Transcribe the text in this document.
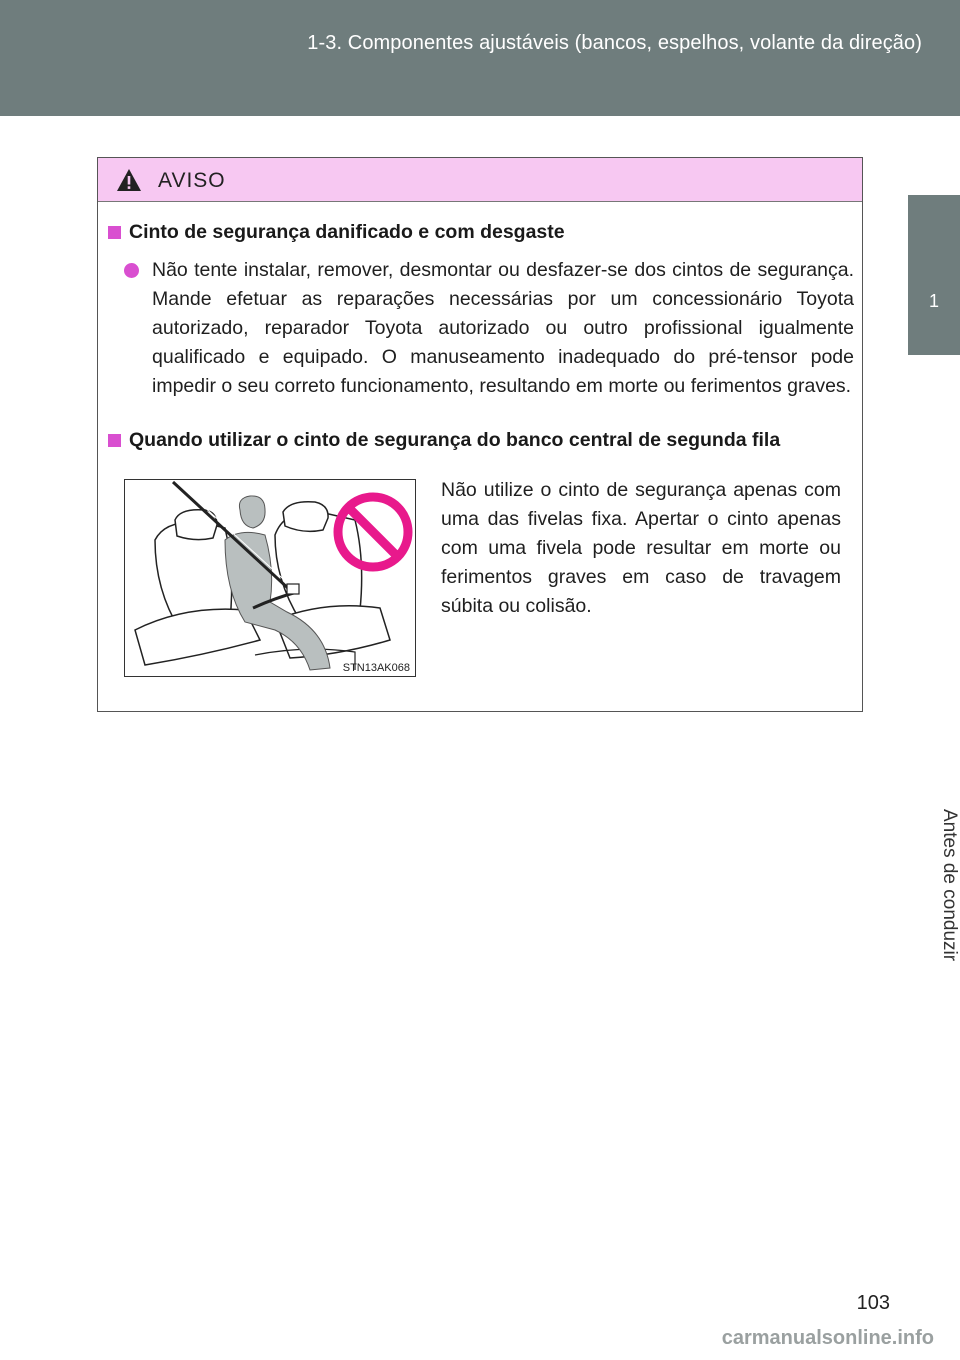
1-3. Componentes ajustáveis (bancos, espelhos, volante da direção)
1
Antes de conduzir
AVISO
Cinto de segurança danificado e com desgaste
Não tente instalar, remover, desmontar ou desfazer-se dos cintos de segurança. Mande efetuar as reparações necessárias por um concessionário Toyota autorizado, reparador Toyota autorizado ou outro profissional igualmente qualificado e equipado. O manuseamento inadequado do pré-tensor pode impedir o seu correto funcionamento, resultando em morte ou ferimentos graves.
Quando utilizar o cinto de segurança do banco central de segunda fila
STN13AK068
Não utilize o cinto de segurança apenas com uma das fivelas fixa. Apertar o cinto apenas com uma fivela pode resultar em morte ou ferimentos graves em caso de travagem súbita ou colisão.
103
carmanualsonline.info
